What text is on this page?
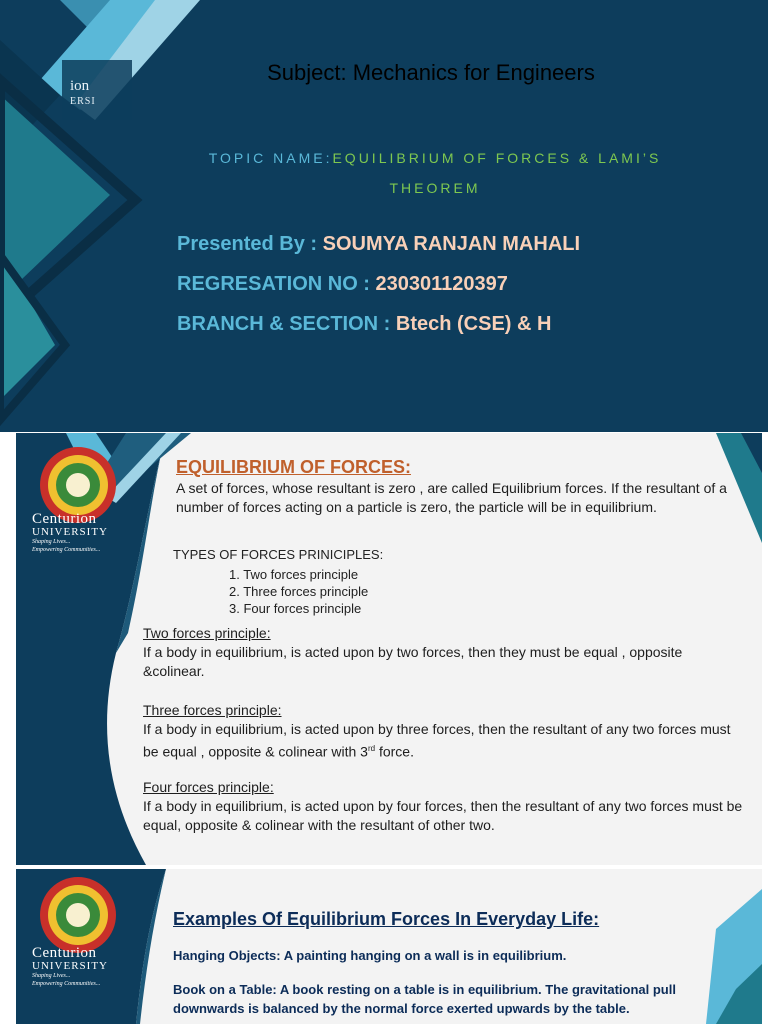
ion
ERSI
Subject: Mechanics for Engineers
TOPIC NAME:EQUILIBRIUM OF FORCES & LAMI’S THEOREM
Presented By : SOUMYA RANJAN MAHALI
REGRESATION NO : 230301120397
BRANCH & SECTION : Btech (CSE) & H
Centurion
UNIVERSITY
Shaping Lives...
Empowering Communities...
EQUILIBRIUM OF FORCES:
A set of forces, whose resultant is zero , are called Equilibrium forces. If the resultant of a number of forces acting on a particle is zero, the particle will be in equilibrium.
TYPES OF FORCES PRINICIPLES:
1. Two forces principle
2. Three forces principle
3. Four forces principle
Two forces principle:
If a body in equilibrium, is acted upon by two forces, then they must be equal , opposite &colinear.
Three forces principle:
If a body in equilibrium, is acted upon by three forces, then the resultant of any two forces must be equal , opposite & colinear with 3rd force.
Four forces principle:
If a body in equilibrium, is acted upon by four forces, then the resultant of any two forces must be equal, opposite & colinear with the resultant of other two.
Centurion
UNIVERSITY
Shaping Lives...
Empowering Communities...
Examples Of Equilibrium Forces In Everyday Life:
Hanging Objects: A painting hanging on a wall is in equilibrium.
Book on a Table: A book resting on a table is in equilibrium. The gravitational pull downwards is balanced by the normal force exerted upwards by the table.
